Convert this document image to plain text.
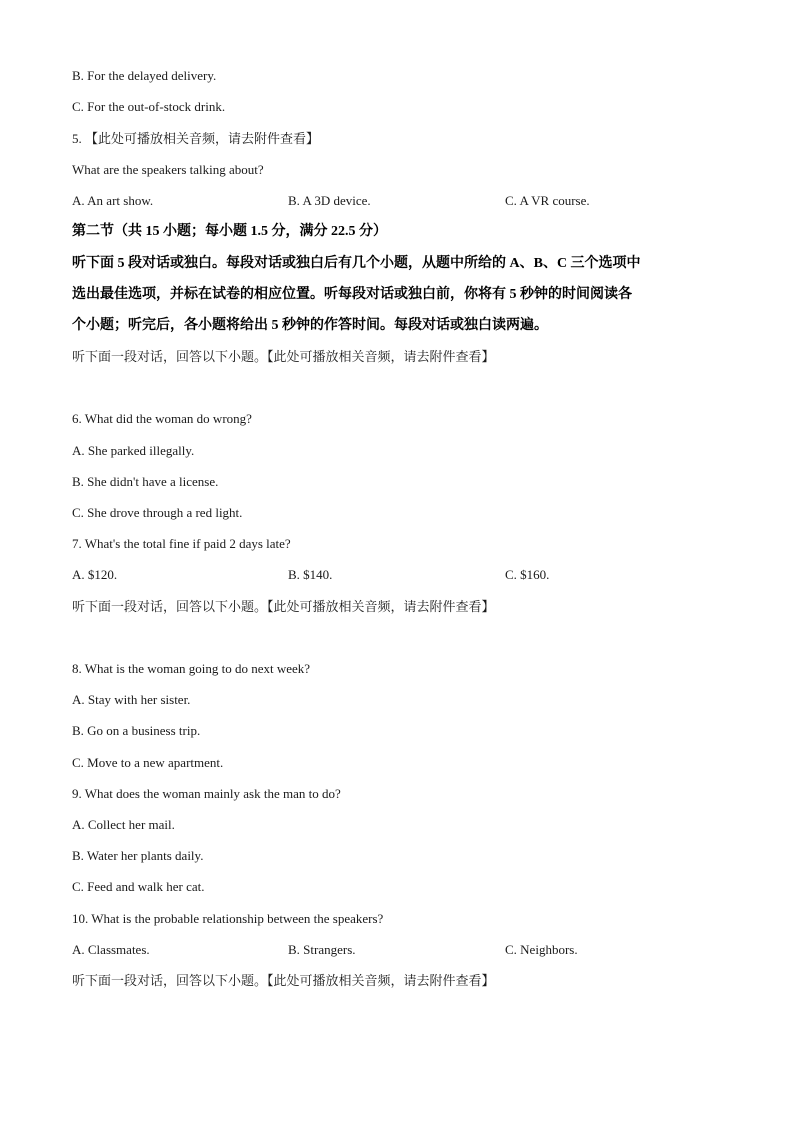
B. For the delayed delivery.
C. For the out-of-stock drink.
5. 【此处可播放相关音频，请去附件查看】
What are the speakers talking about?
A. An art show.	B. A 3D device.	C. A VR course.
第二节（共 15 小题；每小题 1.5 分，满分 22.5 分）
听下面 5 段对话或独白。每段对话或独白后有几个小题，从题中所给的 A、B、C 三个选项中
选出最佳选项，并标在试卷的相应位置。听每段对话或独白前，你将有 5 秒钟的时间阅读各
个小题；听完后，各小题将给出 5 秒钟的作答时间。每段对话或独白读两遍。
听下面一段对话，回答以下小题。【此处可播放相关音频，请去附件查看】
6. What did the woman do wrong?
A. She parked illegally.
B. She didn't have a license.
C. She drove through a red light.
7. What's the total fine if paid 2 days late?
A. $120.	B. $140.	C. $160.
听下面一段对话，回答以下小题。【此处可播放相关音频，请去附件查看】
8. What is the woman going to do next week?
A. Stay with her sister.
B. Go on a business trip.
C. Move to a new apartment.
9. What does the woman mainly ask the man to do?
A. Collect her mail.
B. Water her plants daily.
C. Feed and walk her cat.
10. What is the probable relationship between the speakers?
A. Classmates.	B. Strangers.	C. Neighbors.
听下面一段对话，回答以下小题。【此处可播放相关音频，请去附件查看】
